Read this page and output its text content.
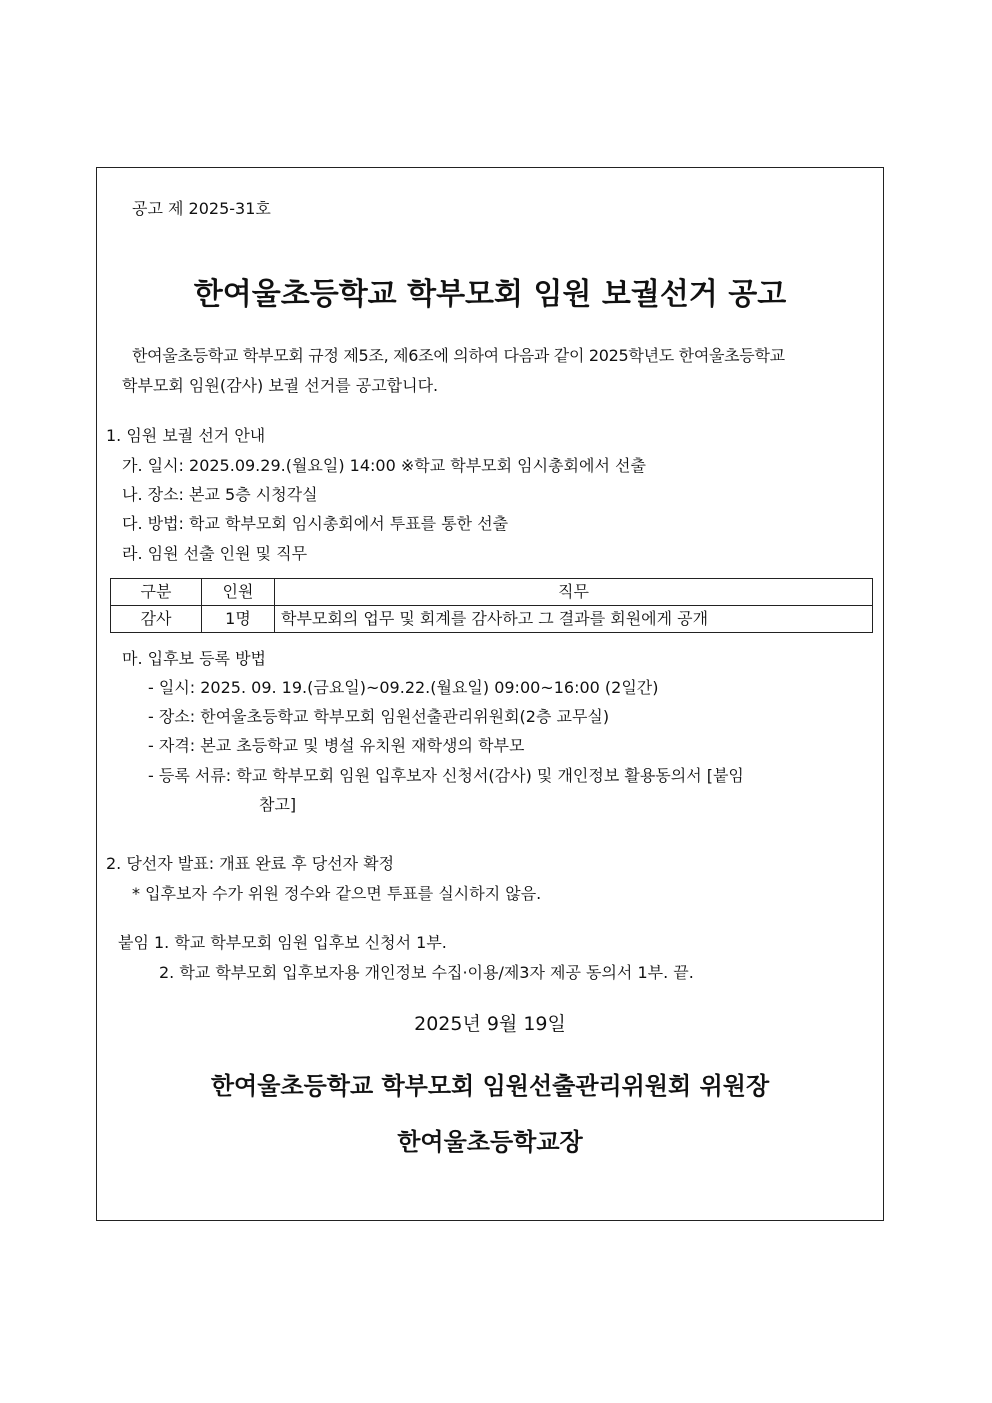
공고 제 2025-31호
한여울초등학교 학부모회 임원 보궐선거 공고
한여울초등학교 학부모회 규정 제5조, 제6조에 의하여 다음과 같이 2025학년도 한여울초등학교
학부모회 임원(감사) 보궐 선거를 공고합니다.
1. 임원 보궐 선거 안내
가. 일시: 2025.09.29.(월요일) 14:00 ※학교 학부모회 임시총회에서 선출
나. 장소: 본교 5층 시청각실
다. 방법: 학교 학부모회 임시총회에서 투표를 통한 선출
라. 임원 선출 인원 및 직무
구분	인원	직무
감사	1명	학부모회의 업무 및 회계를 감사하고 그 결과를 회원에게 공개
마. 입후보 등록 방법
- 일시: 2025. 09. 19.(금요일)~09.22.(월요일) 09:00~16:00 (2일간)
- 장소: 한여울초등학교 학부모회 임원선출관리위원회(2층 교무실)
- 자격: 본교 초등학교 및 병설 유치원 재학생의 학부모
- 등록 서류: 학교 학부모회 임원 입후보자 신청서(감사) 및 개인정보 활용동의서 [붙임
참고]
2. 당선자 발표: 개표 완료 후 당선자 확정
* 입후보자 수가 위원 정수와 같으면 투표를 실시하지 않음.
붙임 1. 학교 학부모회 임원 입후보 신청서 1부.
2. 학교 학부모회 입후보자용 개인정보 수집·이용/제3자 제공 동의서 1부. 끝.
2025년 9월 19일
한여울초등학교 학부모회 임원선출관리위원회 위원장
한여울초등학교장
